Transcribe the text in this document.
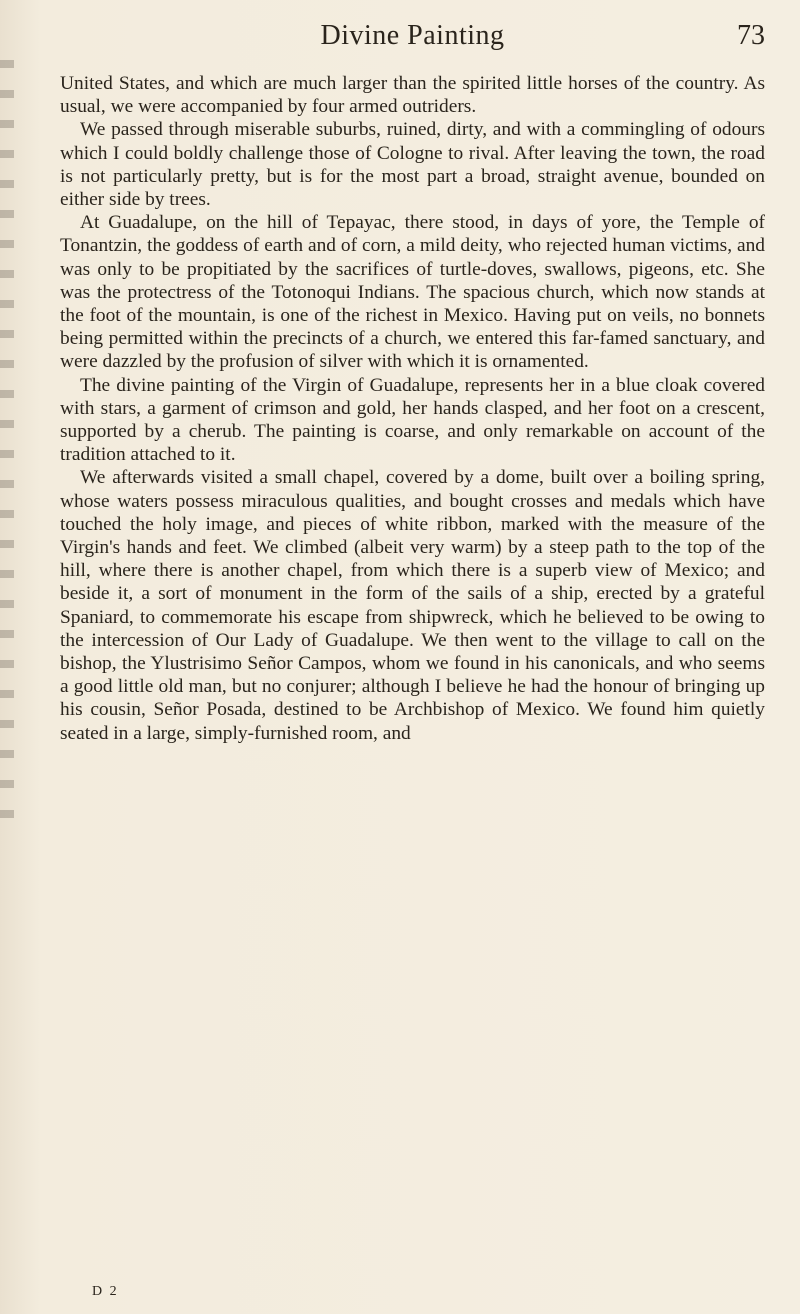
Divine Painting	73

United States, and which are much larger than the spirited little horses of the country. As usual, we were accompanied by four armed outriders.

We passed through miserable suburbs, ruined, dirty, and with a commingling of odours which I could boldly challenge those of Cologne to rival. After leaving the town, the road is not particularly pretty, but is for the most part a broad, straight avenue, bounded on either side by trees.

At Guadalupe, on the hill of Tepayac, there stood, in days of yore, the Temple of Tonantzin, the goddess of earth and of corn, a mild deity, who rejected human victims, and was only to be propitiated by the sacrifices of turtle-doves, swallows, pigeons, etc. She was the protectress of the Totonoqui Indians. The spacious church, which now stands at the foot of the mountain, is one of the richest in Mexico. Having put on veils, no bonnets being permitted within the precincts of a church, we entered this far-famed sanctuary, and were dazzled by the profusion of silver with which it is ornamented.

The divine painting of the Virgin of Guadalupe, represents her in a blue cloak covered with stars, a garment of crimson and gold, her hands clasped, and her foot on a crescent, supported by a cherub. The painting is coarse, and only remarkable on account of the tradition attached to it.

We afterwards visited a small chapel, covered by a dome, built over a boiling spring, whose waters possess miraculous qualities, and bought crosses and medals which have touched the holy image, and pieces of white ribbon, marked with the measure of the Virgin's hands and feet. We climbed (albeit very warm) by a steep path to the top of the hill, where there is another chapel, from which there is a superb view of Mexico; and beside it, a sort of monument in the form of the sails of a ship, erected by a grateful Spaniard, to commemorate his escape from shipwreck, which he believed to be owing to the intercession of Our Lady of Guadalupe. We then went to the village to call on the bishop, the Ylustrisimo Señor Campos, whom we found in his canonicals, and who seems a good little old man, but no conjurer; although I believe he had the honour of bringing up his cousin, Señor Posada, destined to be Archbishop of Mexico. We found him quietly seated in a large, simply-furnished room, and

D 2
